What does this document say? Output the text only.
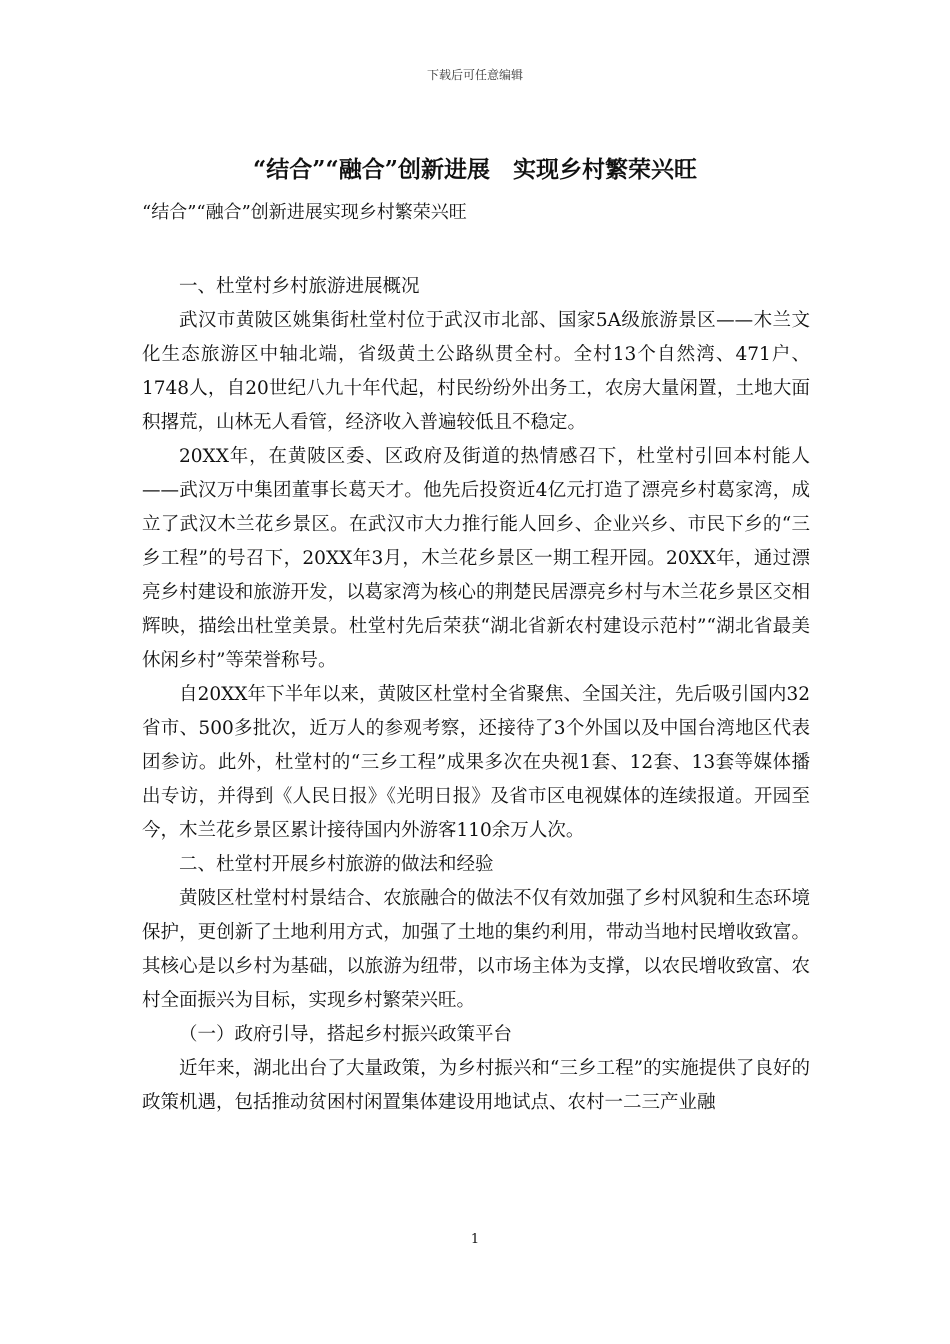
下载后可任意编辑
“结合”“融合”创新进展　实现乡村繁荣兴旺
“结合”“融合”创新进展实现乡村繁荣兴旺

一、杜堂村乡村旅游进展概况

武汉市黄陂区姚集街杜堂村位于武汉市北部、国家5A级旅游景区——木兰文化生态旅游区中轴北端，省级黄土公路纵贯全村。全村13个自然湾、471户、1748人，自20世纪八九十年代起，村民纷纷外出务工，农房大量闲置，土地大面积撂荒，山林无人看管，经济收入普遍较低且不稳定。

20XX年，在黄陂区委、区政府及街道的热情感召下，杜堂村引回本村能人——武汉万中集团董事长葛天才。他先后投资近4亿元打造了漂亮乡村葛家湾，成立了武汉木兰花乡景区。在武汉市大力推行能人回乡、企业兴乡、市民下乡的“三乡工程”的号召下，20XX年3月，木兰花乡景区一期工程开园。20XX年，通过漂亮乡村建设和旅游开发，以葛家湾为核心的荆楚民居漂亮乡村与木兰花乡景区交相辉映，描绘出杜堂美景。杜堂村先后荣获“湖北省新农村建设示范村”“湖北省最美休闲乡村”等荣誉称号。

自20XX年下半年以来，黄陂区杜堂村全省聚焦、全国关注，先后吸引国内32省市、500多批次，近万人的参观考察，还接待了3个外国以及中国台湾地区代表团参访。此外，杜堂村的“三乡工程”成果多次在央视1套、12套、13套等媒体播出专访，并得到《人民日报》《光明日报》及省市区电视媒体的连续报道。开园至今，木兰花乡景区累计接待国内外游客110余万人次。

二、杜堂村开展乡村旅游的做法和经验

黄陂区杜堂村村景结合、农旅融合的做法不仅有效加强了乡村风貌和生态环境保护，更创新了土地利用方式，加强了土地的集约利用，带动当地村民增收致富。其核心是以乡村为基础，以旅游为纽带，以市场主体为支撑，以农民增收致富、农村全面振兴为目标，实现乡村繁荣兴旺。

（一）政府引导，搭起乡村振兴政策平台

近年来，湖北出台了大量政策，为乡村振兴和“三乡工程”的实施提供了良好的政策机遇，包括推动贫困村闲置集体建设用地试点、农村一二三产业融

1
